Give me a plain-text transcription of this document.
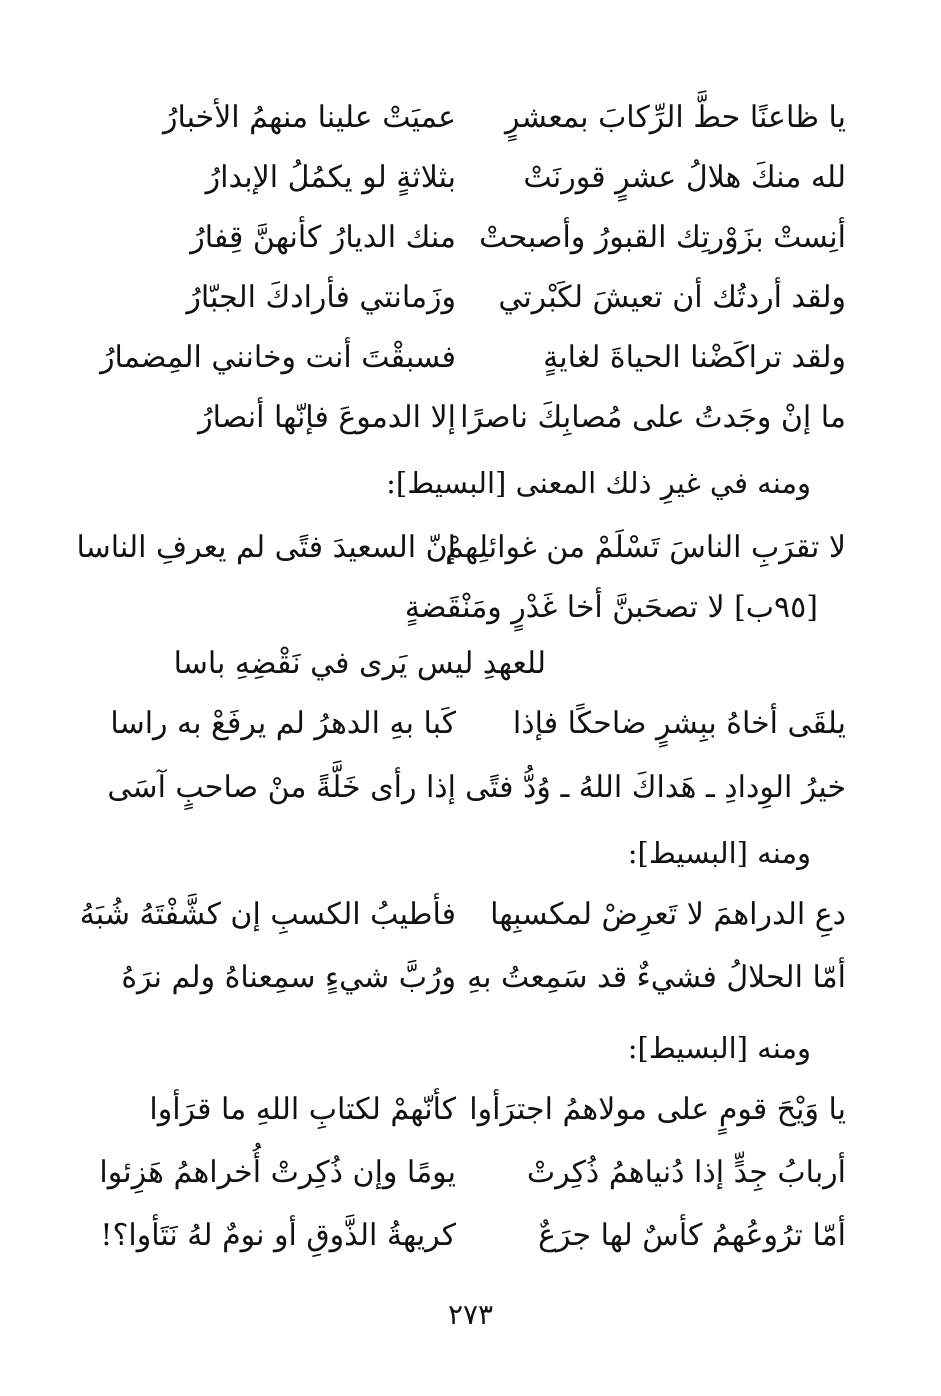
يا ظاعنًا حطَّ الرِّكابَ بمعشرٍ
عميَتْ علينا منهمُ الأخبارُ
لله منكَ هلالُ عشرٍ قورنَتْ
بثلاثةٍ لو يكمُلُ الإبدارُ
أنِستْ بزَوْرتِك القبورُ وأصبحتْ
منك الديارُ كأنهنَّ قِفارُ
ولقد أردتُك أن تعيشَ لكَبْرتي
وزَمانتي فأرادكَ الجبّارُ
ولقد تراكَضْنا الحياةَ لغايةٍ
فسبقْتَ أنت وخانني المِضمارُ
ما إنْ وجَدتُ على مُصابِكَ ناصرًا
إلا الدموعَ فإنّها أنصارُ
ومنه في غيرِ ذلك المعنى [البسيط]:
لا تقرَبِ الناسَ تَسْلَمْ من غوائلِهمْ
إنّ السعيدَ فتًى لم يعرفِ الناسا
[٩٥ب] لا تصحَبنَّ أخا غَدْرٍ ومَنْقَضةٍ
للعهدِ ليس يَرى في نَقْضِهِ باسا
يلقَى أخاهُ ببِشرٍ ضاحكًا فإذا
كَبا بهِ الدهرُ لم يرفَعْ به راسا
خيرُ الوِدادِ ـ هَداكَ اللهُ ـ وُدُّ فتًى
إذا رأى خَلَّةً منْ صاحبٍ آسَى
ومنه [البسيط]:
دعِ الدراهمَ لا تَعرِضْ لمكسبِها
فأطيبُ الكسبِ إن كشَّفْتَهُ شُبَهُ
أمّا الحلالُ فشيءٌ قد سَمِعتُ بهِ
ورُبَّ شيءٍ سمِعناهُ ولم نرَهُ
ومنه [البسيط]:
يا وَيْحَ قومٍ على مولاهمُ اجترَأوا
كأنّهمْ لكتابِ اللهِ ما قرَأوا
أربابُ جِدٍّ إذا دُنياهمُ ذُكِرتْ
يومًا وإن ذُكِرتْ أُخراهمُ هَزِئوا
أمّا ترُوعُهمُ كأسٌ لها جرَعٌ
كريهةُ الذَّوقِ أو نومٌ لهُ نَتَأوا؟!
٢٧٣
